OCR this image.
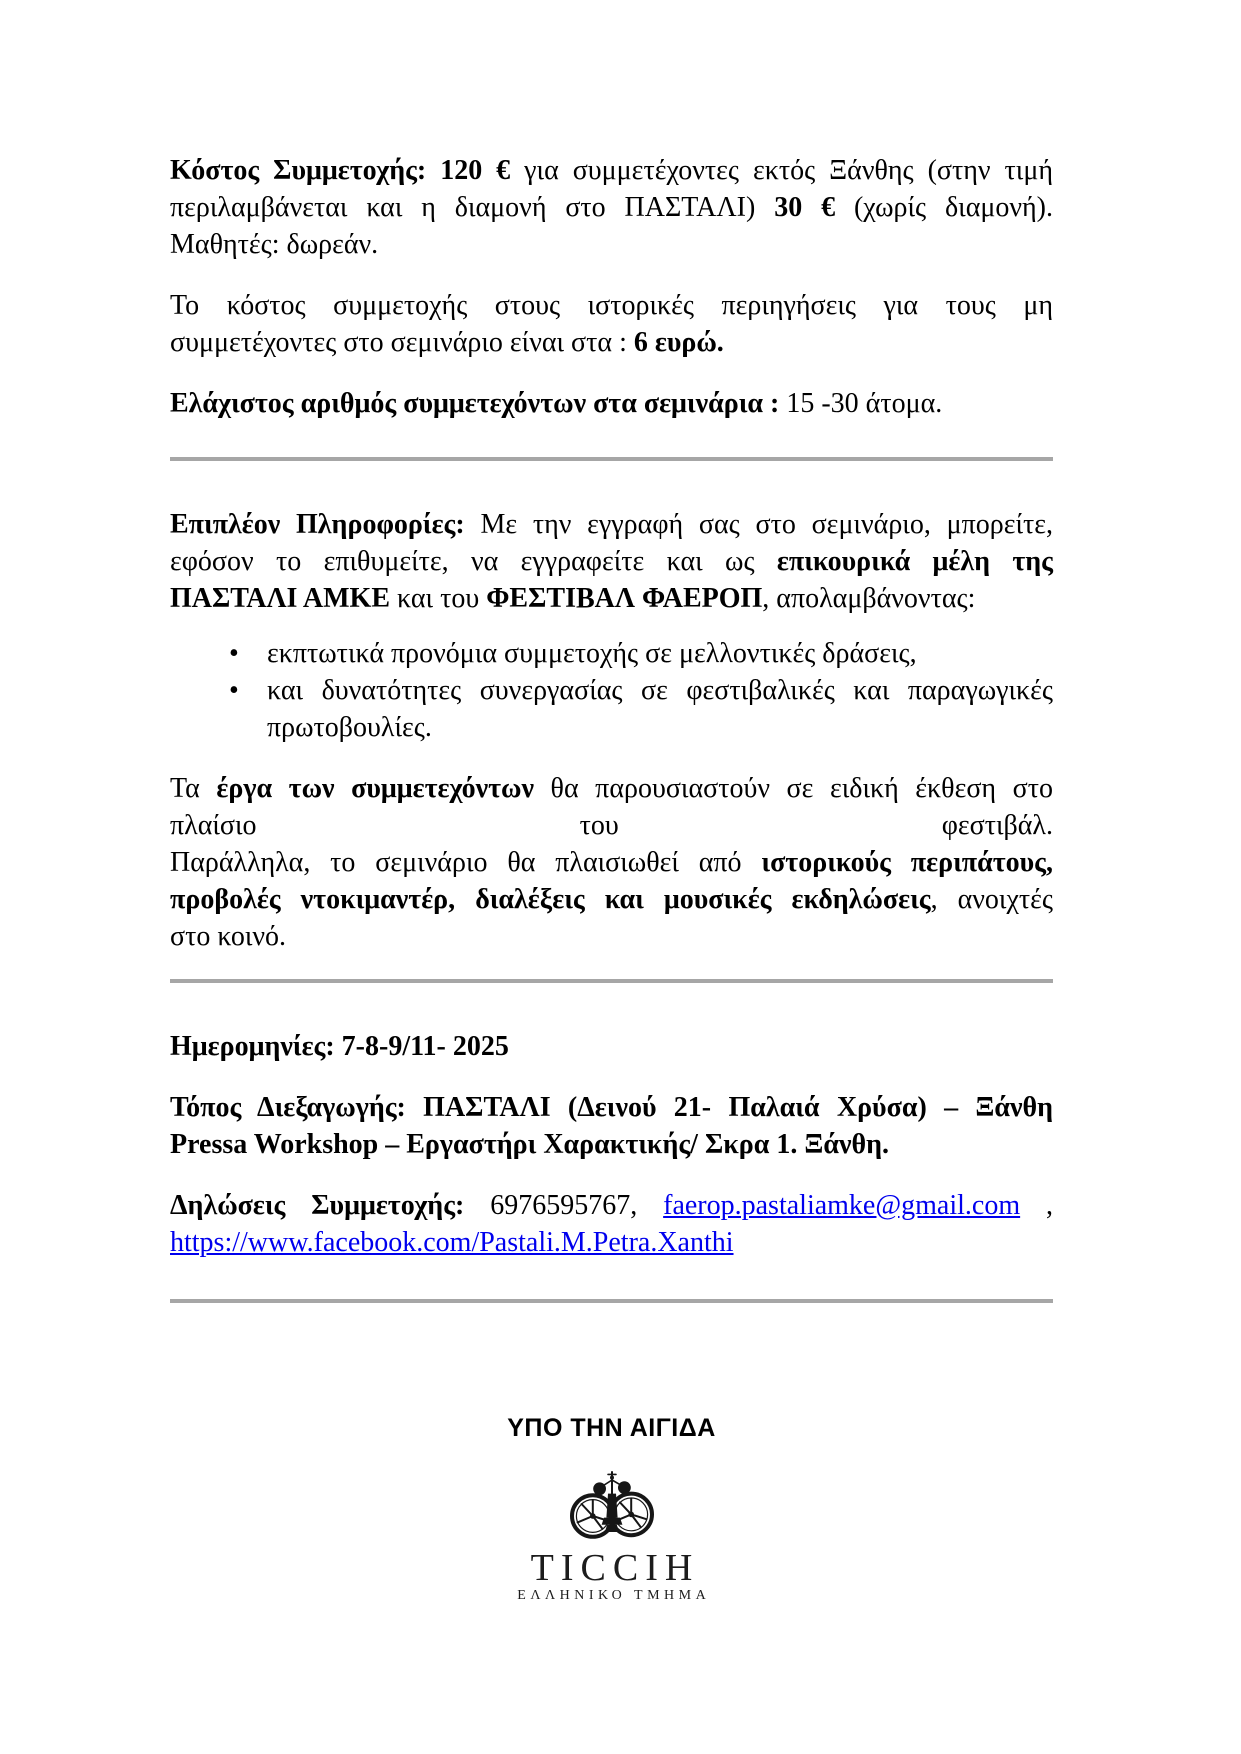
Κόστος Συμμετοχής: 120 € για συμμετέχοντες εκτός Ξάνθης (στην τιμή
περιλαμβάνεται και η διαμονή στο ΠΑΣΤΑΛΙ) 30 € (χωρίς διαμονή).
Μαθητές: δωρεάν.
Το κόστος συμμετοχής στους ιστορικές περιηγήσεις για τους μη
συμμετέχοντες στο σεμινάριο είναι στα : 6 ευρώ.
Ελάχιστος αριθμός συμμετεχόντων στα σεμινάρια : 15 -30 άτομα.
Επιπλέον Πληροφορίες: Με την εγγραφή σας στο σεμινάριο, μπορείτε,
εφόσον το επιθυμείτε, να εγγραφείτε και ως επικουρικά μέλη της
ΠΑΣΤΑΛΙ ΑΜΚΕ και του ΦΕΣΤΙΒΑΛ ΦΑΕΡΟΠ, απολαμβάνοντας:
• εκπτωτικά προνόμια συμμετοχής σε μελλοντικές δράσεις,
• και δυνατότητες συνεργασίας σε φεστιβαλικές και παραγωγικές
πρωτοβουλίες.
Τα έργα των συμμετεχόντων θα παρουσιαστούν σε ειδική έκθεση στο
πλαίσιο του φεστιβάλ.
Παράλληλα, το σεμινάριο θα πλαισιωθεί από ιστορικούς περιπάτους,
προβολές ντοκιμαντέρ, διαλέξεις και μουσικές εκδηλώσεις, ανοιχτές
στο κοινό.
Ημερομηνίες: 7-8-9/11- 2025
Τόπος Διεξαγωγής: ΠΑΣΤΑΛΙ (Δεινού 21- Παλαιά Χρύσα) – Ξάνθη
Pressa Workshop – Εργαστήρι Χαρακτικής/ Σκρα 1. Ξάνθη.
Δηλώσεις Συμμετοχής: 6976595767, faerop.pastaliamke@gmail.com ,
https://www.facebook.com/Pastali.M.Petra.Xanthi
ΥΠΟ ΤΗΝ ΑΙΓΙΔΑ
TICCIH
ΕΛΛΗΝΙΚΟ ΤΜΗΜΑ
